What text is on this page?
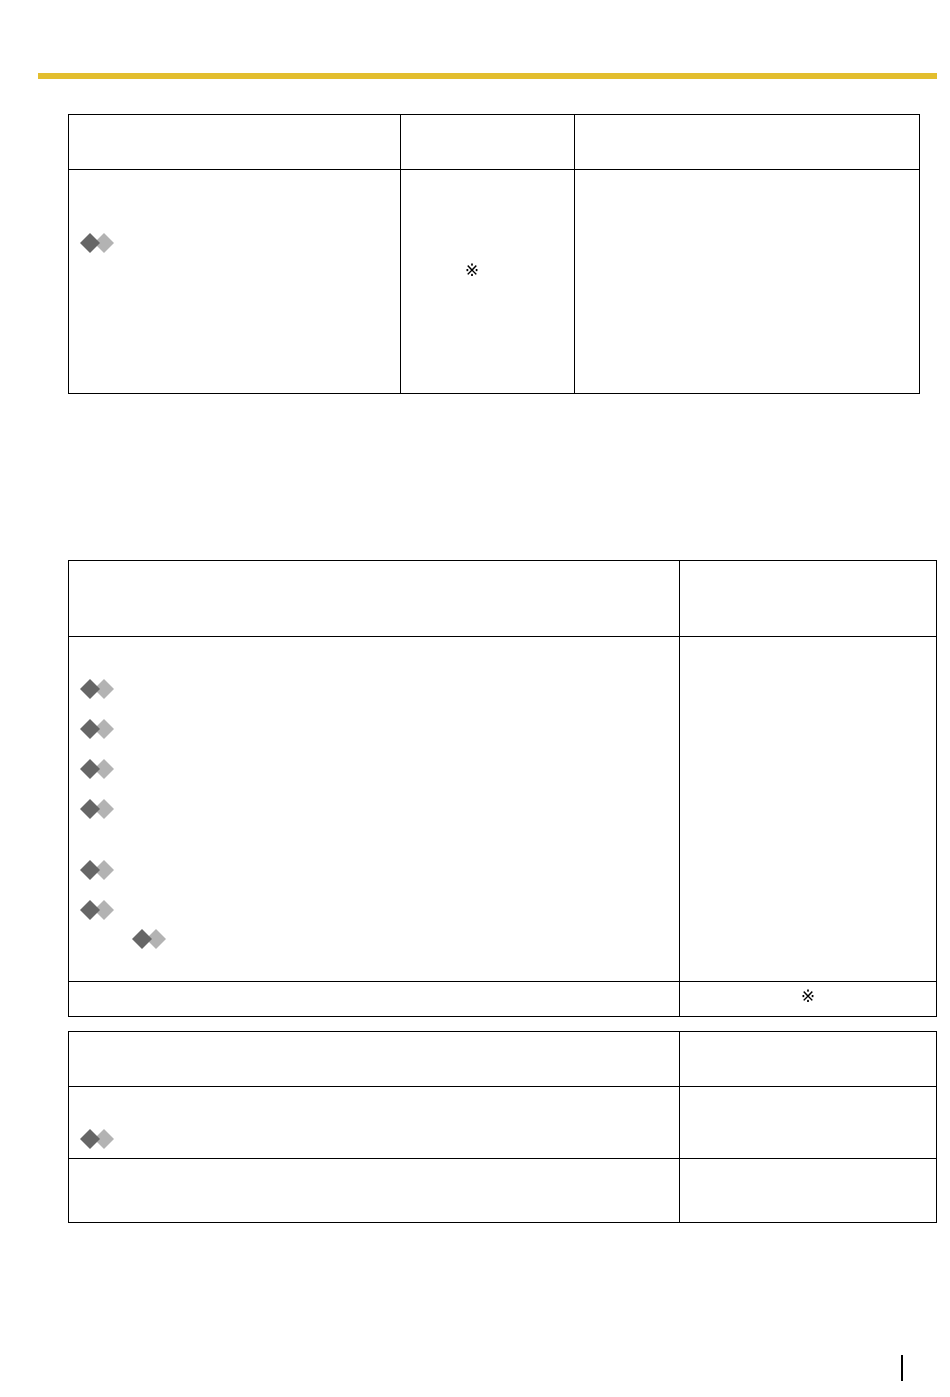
※
※
